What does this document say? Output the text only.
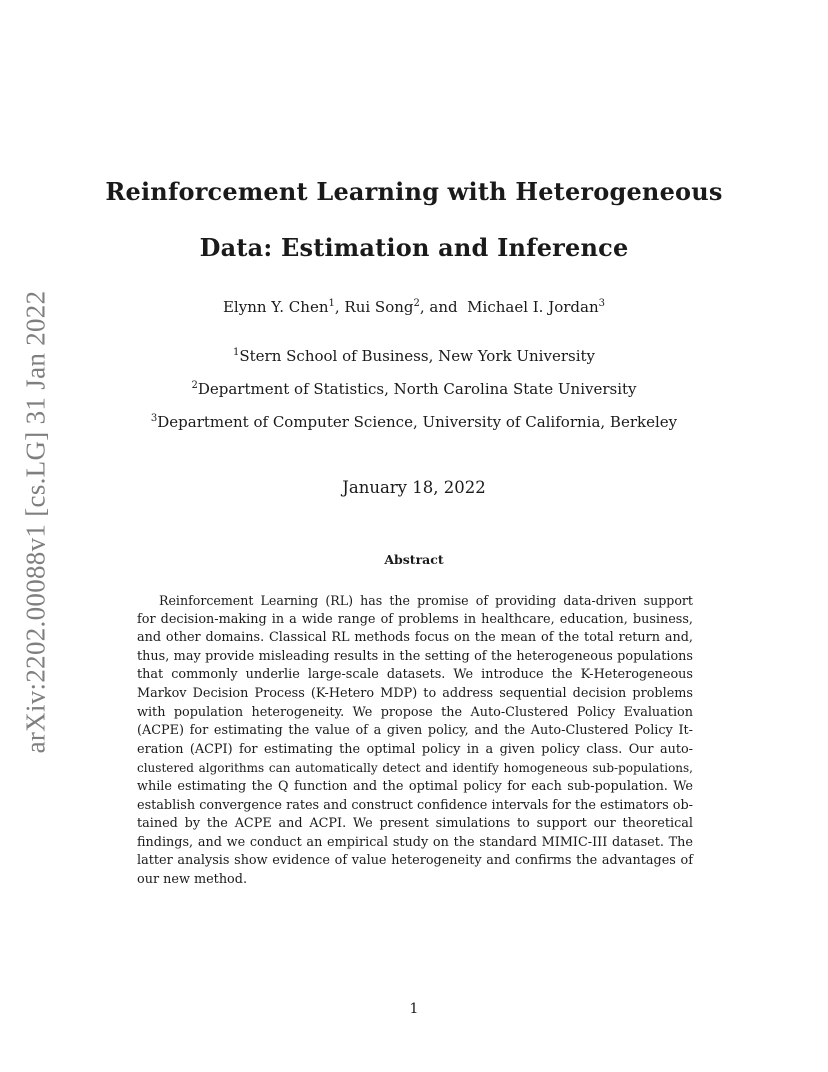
arXiv:2202.00088v1 [cs.LG] 31 Jan 2022
Reinforcement Learning with Heterogeneous
Data: Estimation and Inference
Elynn Y. Chen$^1$, Rui Song$^2$, and  Michael I. Jordan$^3$
$^1$Stern School of Business, New York University
$^2$Department of Statistics, North Carolina State University
$^3$Department of Computer Science, University of California, Berkeley
January 18, 2022
Abstract
Reinforcement Learning (RL) has the promise of providing data-driven support
for decision-making in a wide range of problems in healthcare, education, business,
and other domains. Classical RL methods focus on the mean of the total return and,
thus, may provide misleading results in the setting of the heterogeneous populations
that commonly underlie large-scale datasets. We introduce the K-Heterogeneous
Markov Decision Process (K-Hetero MDP) to address sequential decision problems
with population heterogeneity. We propose the Auto-Clustered Policy Evaluation
(ACPE) for estimating the value of a given policy, and the Auto-Clustered Policy It-
eration (ACPI) for estimating the optimal policy in a given policy class. Our auto-
clustered algorithms can automatically detect and identify homogeneous sub-populations,
while estimating the Q function and the optimal policy for each sub-population. We
establish convergence rates and construct confidence intervals for the estimators ob-
tained by the ACPE and ACPI. We present simulations to support our theoretical
findings, and we conduct an empirical study on the standard MIMIC-III dataset. The
latter analysis show evidence of value heterogeneity and confirms the advantages of
our new method.
1
